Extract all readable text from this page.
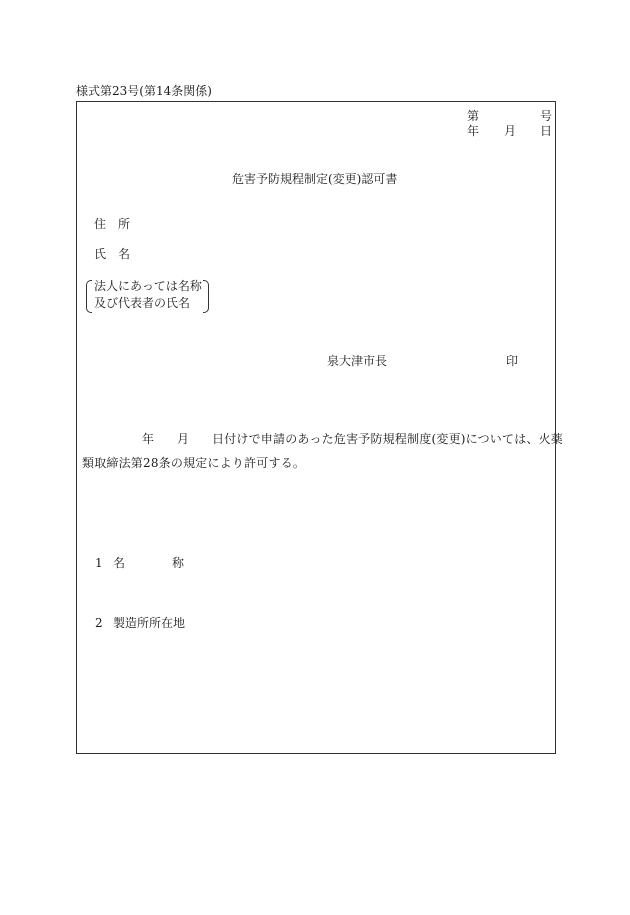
様式第23号(第14条関係)
第	号
年 月 日
危害予防規程制定(変更)認可書
住　所
氏　名
法人にあっては名称
及び代表者の氏名
泉大津市長	印
年 月 日付けで申請のあった危害予防規程制度(変更)については、火薬
類取締法第28条の規定により許可する。
1 名	称
2 製造所所在地
